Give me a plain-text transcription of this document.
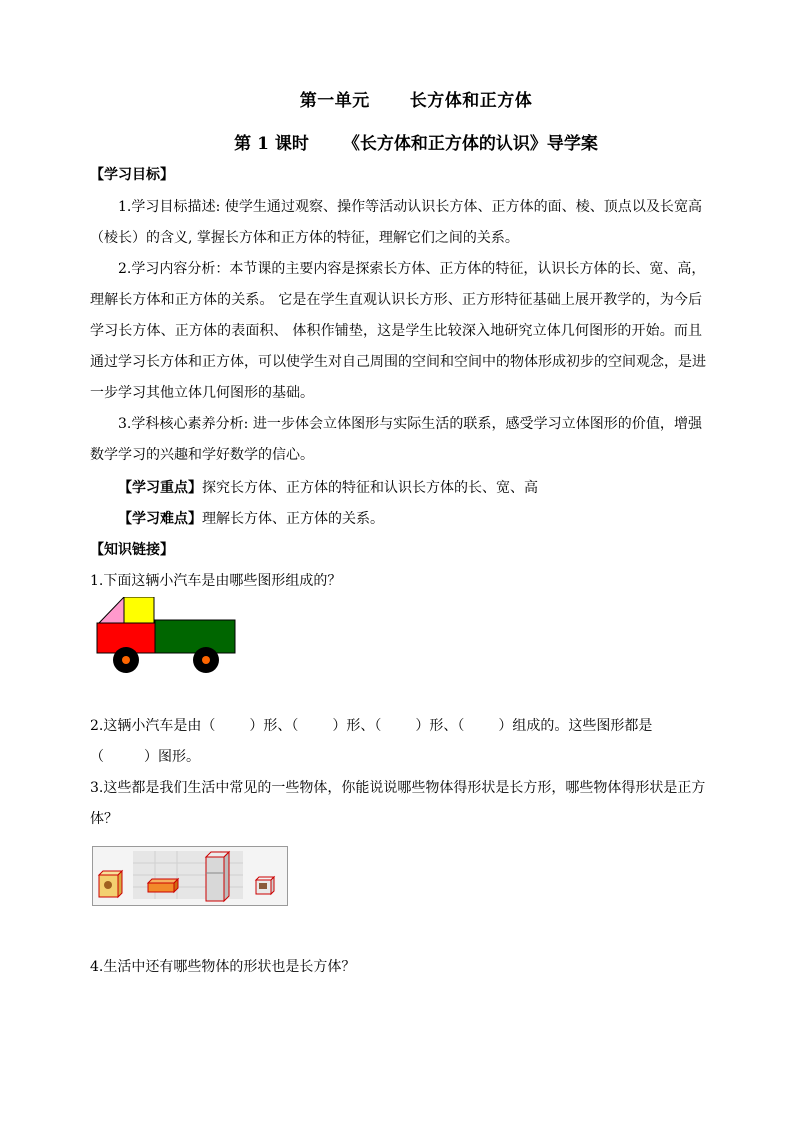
第一单元 长方体和正方体
第 1 课时 《长方体和正方体的认识》导学案
【学习目标】
1.学习目标描述: 使学生通过观察、操作等活动认识长方体、正方体的面、棱、顶点以及长宽高
（棱长）的含义, 掌握长方体和正方体的特征，理解它们之间的关系。
2.学习内容分析：本节课的主要内容是探索长方体、正方体的特征，认识长方体的长、宽、高，
理解长方体和正方体的关系。 它是在学生直观认识长方形、正方形特征基础上展开教学的，为今后
学习长方体、正方体的表面积、 体积作铺垫，这是学生比较深入地研究立体几何图形的开始。而且
通过学习长方体和正方体，可以使学生对自己周围的空间和空间中的物体形成初步的空间观念，是进
一步学习其他立体几何图形的基础。
3.学科核心素养分析: 进一步体会立体图形与实际生活的联系，感受学习立体图形的价值，增强
数学学习的兴趣和学好数学的信心。
【学习重点】探究长方体、正方体的特征和认识长方体的长、宽、高
【学习难点】理解长方体、正方体的关系。
【知识链接】
1.下面这辆小汽车是由哪些图形组成的？
2.这辆小汽车是由（ ）形、（ ）形、（ ）形、（ ）组成的。这些图形都是
（	）图形。
3.这些都是我们生活中常见的一些物体，你能说说哪些物体得形状是长方形，哪些物体得形状是正方
体？
4.生活中还有哪些物体的形状也是长方体？
